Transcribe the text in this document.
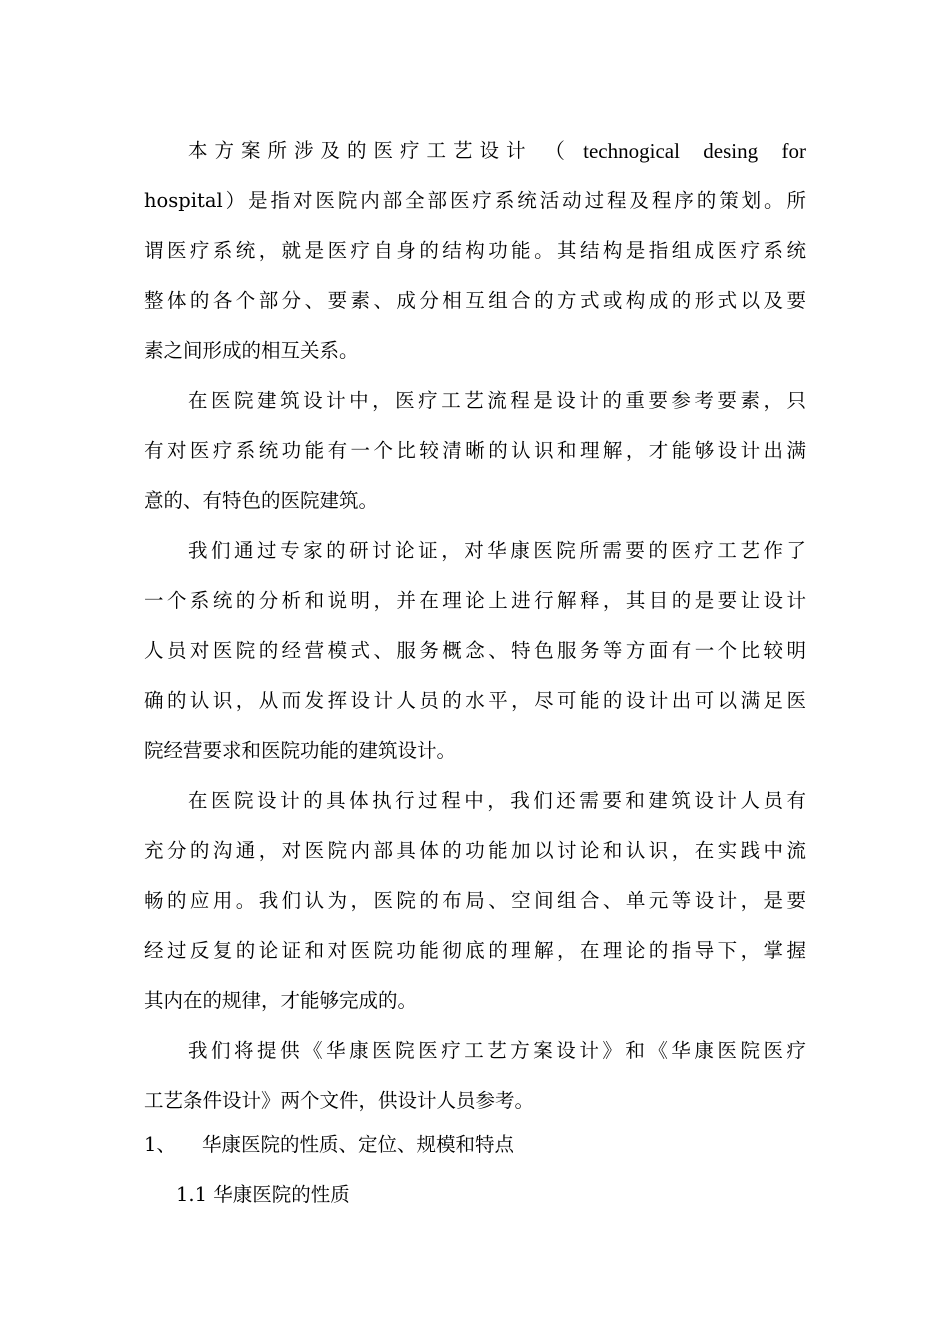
本方案所涉及的医疗工艺设计 （technogical desing for
hospital）是指对医院内部全部医疗系统活动过程及程序的策划。所
谓医疗系统，就是医疗自身的结构功能。其结构是指组成医疗系统
整体的各个部分、要素、成分相互组合的方式或构成的形式以及要
素之间形成的相互关系。
在医院建筑设计中，医疗工艺流程是设计的重要参考要素，只
有对医疗系统功能有一个比较清晰的认识和理解，才能够设计出满
意的、有特色的医院建筑。
我们通过专家的研讨论证，对华康医院所需要的医疗工艺作了
一个系统的分析和说明，并在理论上进行解释，其目的是要让设计
人员对医院的经营模式、服务概念、特色服务等方面有一个比较明
确的认识，从而发挥设计人员的水平，尽可能的设计出可以满足医
院经营要求和医院功能的建筑设计。
在医院设计的具体执行过程中，我们还需要和建筑设计人员有
充分的沟通，对医院内部具体的功能加以讨论和认识，在实践中流
畅的应用。我们认为，医院的布局、空间组合、单元等设计，是要
经过反复的论证和对医院功能彻底的理解，在理论的指导下，掌握
其内在的规律，才能够完成的。
我们将提供《华康医院医疗工艺方案设计》和《华康医院医疗
工艺条件设计》两个文件，供设计人员参考。
1、 华康医院的性质、定位、规模和特点
1.1 华康医院的性质
